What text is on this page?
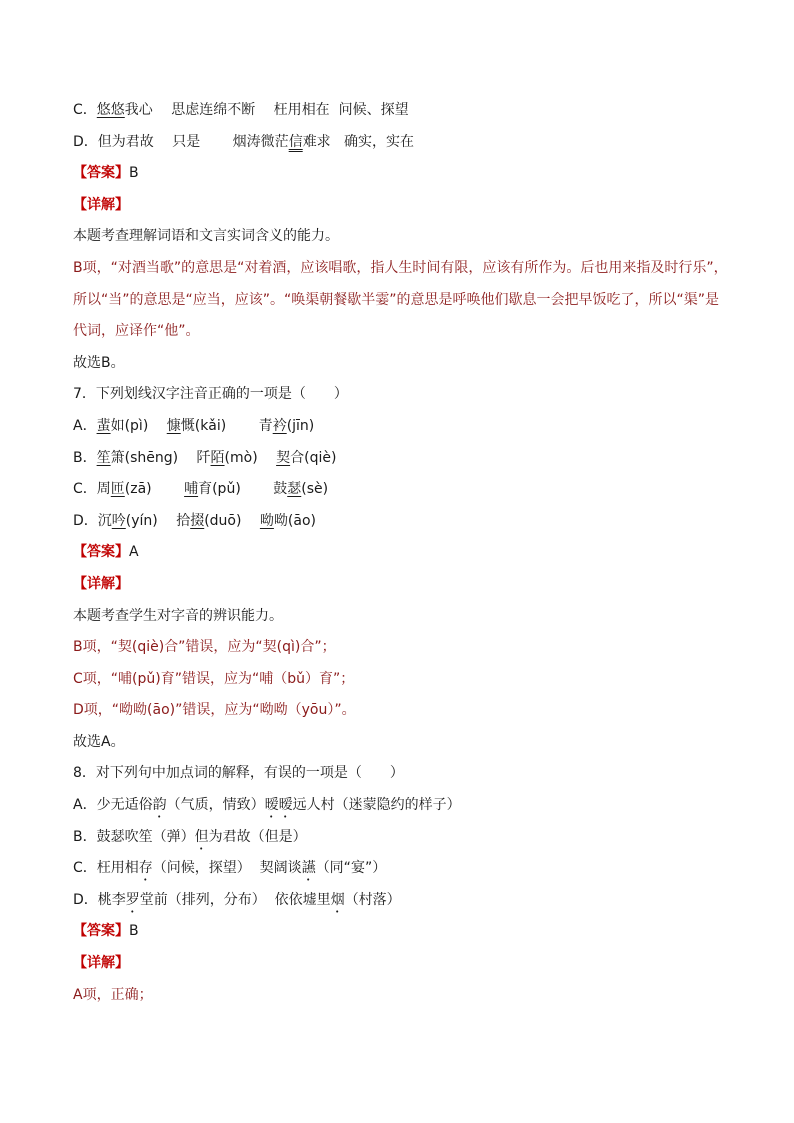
C．悠悠我心　 思虑连绵不断　 枉用相在  问候、探望

D．但为君故　 只是　 　烟涛微茫信难求   确实，实在

【答案】B

【详解】

本题考查理解词语和文言实词含义的能力。

B项，“对酒当歌”的意思是“对着酒，应该唱歌，指人生时间有限，应该有所作为。后也用来指及时行乐”，所以“当”的意思是“应当，应该”。“唤渠朝餐歇半霎”的意思是呼唤他们歇息一会把早饭吃了，所以“渠”是代词，应译作“他”。

故选B。

7．下列划线汉字注音正确的一项是（　　）

A．蜚如(pì)　 慷慨(kǎi)　 　青衿(jīn)

B．笙箫(shēng)　 阡陌(mò)　 契合(qiè)

C．周匝(zā)　 　哺育(pǔ)　 　鼓瑟(sè)

D．沉吟(yín)　 拾掇(duō)　 呦呦(āo)

【答案】A

【详解】

本题考查学生对字音的辨识能力。

B项，“契(qiè)合”错误，应为“契(qì)合”；

C项，“哺(pǔ)育”错误，应为“哺（bǔ）育”；

D项，“呦呦(āo)”错误，应为“呦呦（yōu）”。

故选A。

8．对下列句中加点词的解释，有误的一项是（　　）

A．少无适俗韵（气质，情致）暧暧远人村（迷蒙隐约的样子）

B．鼓瑟吹笙（弹）但为君故（但是）

C．枉用相存（问候，探望）  契阔谈讌（同“宴”）

D．桃李罗堂前（排列，分布）  依依墟里烟（村落）

【答案】B

【详解】

A项，正确；
